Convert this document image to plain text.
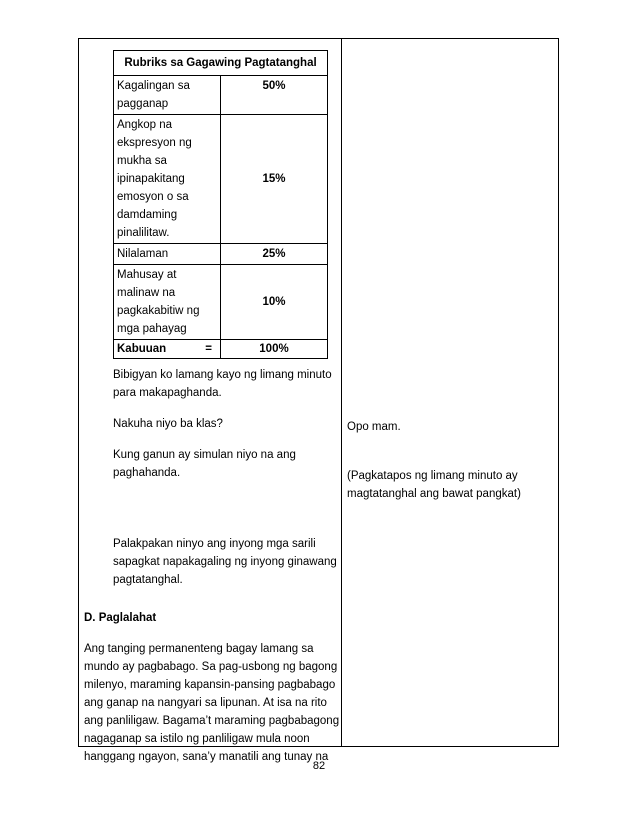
Rubriks sa Gagawing Pagtatanghal	
Kagalingan sa pagganap	50%
Angkop na ekspresyon ng mukha sa ipinapakitang emosyon o sa damdaming pinalilitaw.	15%
Nilalaman	25%
Mahusay at malinaw na pagkakabitiw ng mga pahayag	10%
Kabuuan =	100%

Bibigyan ko lamang kayo ng limang minuto para makapaghanda.

Nakuha niyo ba klas?

Kung ganun ay simulan niyo na ang paghahanda.

Palakpakan ninyo ang inyong mga sarili sapagkat napakagaling ng inyong ginawang pagtatanghal.

D. Paglalahat

Ang tanging permanenteng bagay lamang sa mundo ay pagbabago. Sa pag-usbong ng bagong milenyo, maraming kapansin-pansing pagbabago ang ganap na nangyari sa lipunan. At isa na rito ang panliligaw. Bagama’t maraming pagbabagong nagaganap sa istilo ng panliligaw mula noon hanggang ngayon, sana’y manatili ang tunay na

Opo mam.

(Pagkatapos ng limang minuto ay magtatanghal ang bawat pangkat)

82
